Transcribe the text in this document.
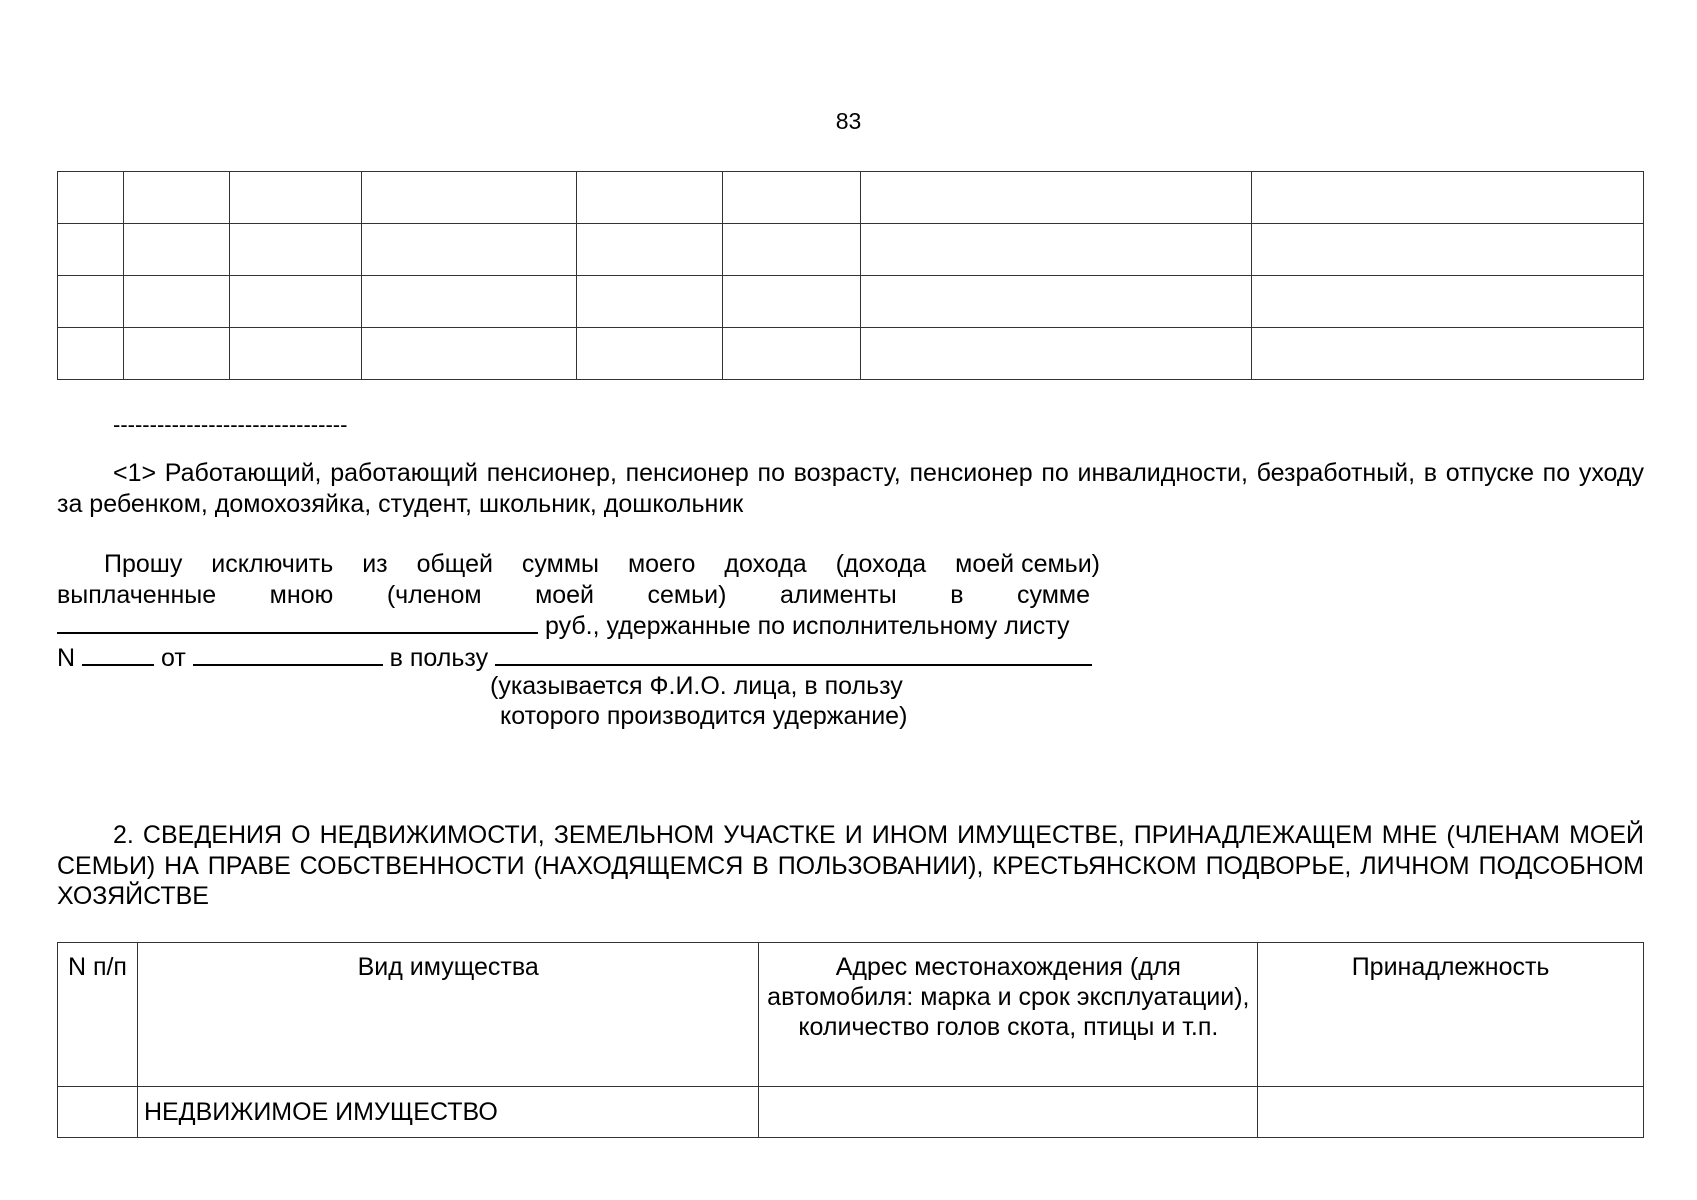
83

--------------------------------
<1> Работающий, работающий пенсионер, пенсионер по возрасту, пенсионер по инвалидности, безработный, в отпуске по уходу за ребенком, домохозяйка, студент, школьник, дошкольник
Прошу исключить из общей суммы моего дохода (дохода моей семьи)
выплаченные мною (членом моей семьи) алименты в сумме
руб., удержанные по исполнительному листу
N	от	в пользу
(указывается Ф.И.О. лица, в пользу
которого производится удержание)
2. СВЕДЕНИЯ О НЕДВИЖИМОСТИ, ЗЕМЕЛЬНОМ УЧАСТКЕ И ИНОМ ИМУЩЕСТВЕ, ПРИНАДЛЕЖАЩЕМ МНЕ (ЧЛЕНАМ МОЕЙ СЕМЬИ) НА ПРАВЕ СОБСТВЕННОСТИ (НАХОДЯЩЕМСЯ В ПОЛЬЗОВАНИИ), КРЕСТЬЯНСКОМ ПОДВОРЬЕ, ЛИЧНОМ ПОДСОБНОМ ХОЗЯЙСТВЕ
N п/п	Вид имущества	Адрес местонахождения (для автомобиля: марка и срок эксплуатации), количество голов скота, птицы и т.п.	Принадлежность
	НЕДВИЖИМОЕ ИМУЩЕСТВО		
